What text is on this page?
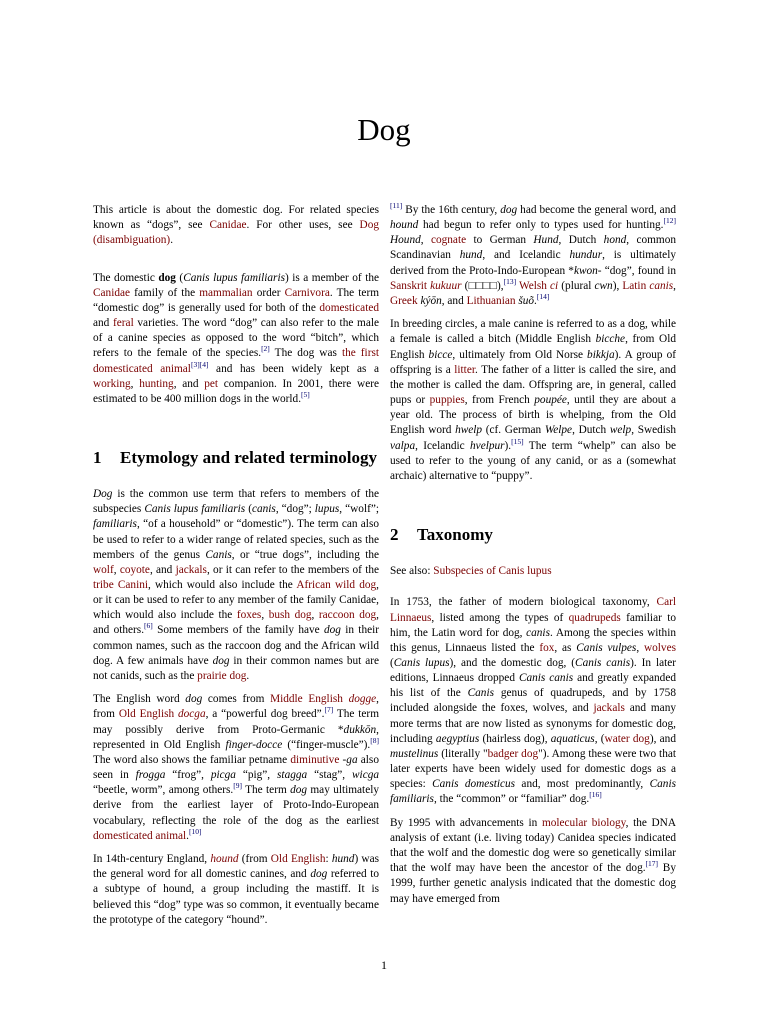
Dog

This article is about the domestic dog. For related species known as “dogs”, see Canidae. For other uses, see Dog (disambiguation).

The domestic dog (Canis lupus familiaris) is a member of the Canidae family of the mammalian order Carnivora. The term “domestic dog” is generally used for both of the domesticated and feral varieties. The word “dog” can also refer to the male of a canine species as opposed to the word “bitch”, which refers to the female of the species.[2] The dog was the first domesticated animal[3][4] and has been widely kept as a working, hunting, and pet companion. In 2001, there were estimated to be 400 million dogs in the world.[5]

1	Etymology and related terminology

Dog is the common use term that refers to members of the subspecies Canis lupus familiaris (canis, “dog”; lupus, “wolf”; familiaris, “of a household” or “domestic”). The term can also be used to refer to a wider range of related species, such as the members of the genus Canis, or “true dogs”, including the wolf, coyote, and jackals, or it can refer to the members of the tribe Canini, which would also include the African wild dog, or it can be used to refer to any member of the family Canidae, which would also include the foxes, bush dog, raccoon dog, and others.[6] Some members of the family have dog in their common names, such as the raccoon dog and the African wild dog. A few animals have dog in their common names but are not canids, such as the prairie dog.

The English word dog comes from Middle English dogge, from Old English docga, a “powerful dog breed”.[7] The term may possibly derive from Proto-Germanic *dukkōn, represented in Old English finger-docce (“finger-muscle”).[8] The word also shows the familiar petname diminutive -ga also seen in frogga “frog”, picga “pig”, stagga “stag”, wicga “beetle, worm”, among others.[9] The term dog may ultimately derive from the earliest layer of Proto-Indo-European vocabulary, reflecting the role of the dog as the earliest domesticated animal.[10]

In 14th-century England, hound (from Old English: hund) was the general word for all domestic canines, and dog referred to a subtype of hound, a group including the mastiff. It is believed this “dog” type was so common, it eventually became the prototype of the category “hound”.

[11] By the 16th century, dog had become the general word, and hound had begun to refer only to types used for hunting.[12] Hound, cognate to German Hund, Dutch hond, common Scandinavian hund, and Icelandic hundur, is ultimately derived from the Proto-Indo-European *kwon- “dog”, found in Sanskrit kukuur (□□□□),[13] Welsh ci (plural cwn), Latin canis, Greek kýōn, and Lithuanian šuõ.[14]

In breeding circles, a male canine is referred to as a dog, while a female is called a bitch (Middle English bicche, from Old English bicce, ultimately from Old Norse bikkja). A group of offspring is a litter. The father of a litter is called the sire, and the mother is called the dam. Offspring are, in general, called pups or puppies, from French poupée, until they are about a year old. The process of birth is whelping, from the Old English word hwelp (cf. German Welpe, Dutch welp, Swedish valpa, Icelandic hvelpur).[15] The term “whelp” can also be used to refer to the young of any canid, or as a (somewhat archaic) alternative to “puppy”.

2	Taxonomy

See also: Subspecies of Canis lupus

In 1753, the father of modern biological taxonomy, Carl Linnaeus, listed among the types of quadrupeds familiar to him, the Latin word for dog, canis. Among the species within this genus, Linnaeus listed the fox, as Canis vulpes, wolves (Canis lupus), and the domestic dog, (Canis canis). In later editions, Linnaeus dropped Canis canis and greatly expanded his list of the Canis genus of quadrupeds, and by 1758 included alongside the foxes, wolves, and jackals and many more terms that are now listed as synonyms for domestic dog, including aegyptius (hairless dog), aquaticus, (water dog), and mustelinus (literally "badger dog"). Among these were two that later experts have been widely used for domestic dogs as a species: Canis domesticus and, most predominantly, Canis familiaris, the “common” or “familiar” dog.[16]

By 1995 with advancements in molecular biology, the DNA analysis of extant (i.e. living today) Canidea species indicated that the wolf and the domestic dog were so genetically similar that the wolf may have been the ancestor of the dog.[17] By 1999, further genetic analysis indicated that the domestic dog may have emerged from

1
